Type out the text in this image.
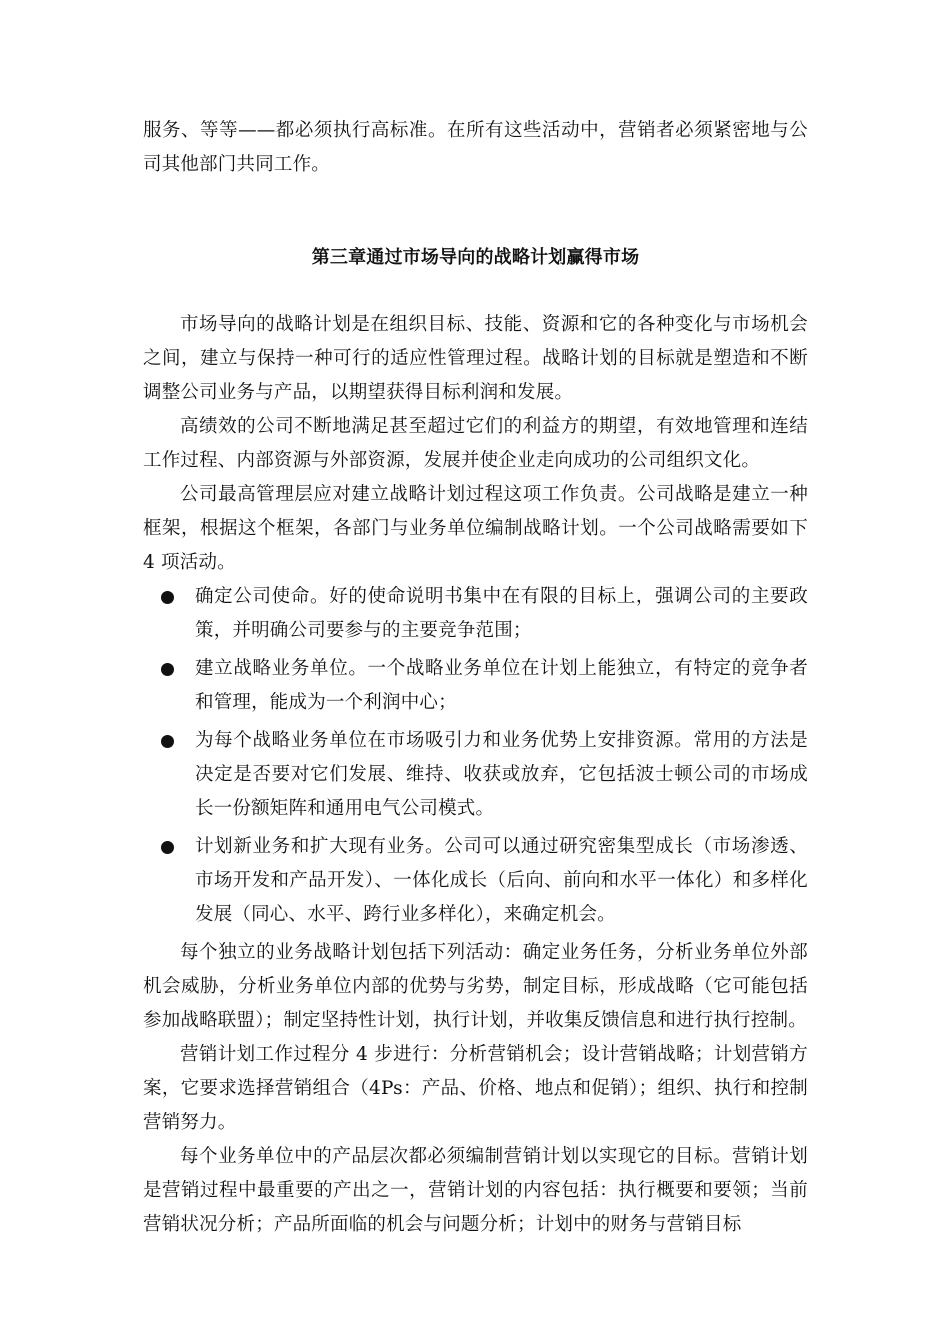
服务、等等——都必须执行高标准。在所有这些活动中，营销者必须紧密地与公司其他部门共同工作。

第三章通过市场导向的战略计划赢得市场

市场导向的战略计划是在组织目标、技能、资源和它的各种变化与市场机会之间，建立与保持一种可行的适应性管理过程。战略计划的目标就是塑造和不断调整公司业务与产品，以期望获得目标利润和发展。

高绩效的公司不断地满足甚至超过它们的利益方的期望，有效地管理和连结工作过程、内部资源与外部资源，发展并使企业走向成功的公司组织文化。

公司最高管理层应对建立战略计划过程这项工作负责。公司战略是建立一种框架，根据这个框架，各部门与业务单位编制战略计划。一个公司战略需要如下 4 项活动。

确定公司使命。好的使命说明书集中在有限的目标上，强调公司的主要政策，并明确公司要参与的主要竞争范围；
建立战略业务单位。一个战略业务单位在计划上能独立，有特定的竞争者和管理，能成为一个利润中心；
为每个战略业务单位在市场吸引力和业务优势上安排资源。常用的方法是决定是否要对它们发展、维持、收获或放弃，它包括波士顿公司的市场成长一份额矩阵和通用电气公司模式。
计划新业务和扩大现有业务。公司可以通过研究密集型成长（市场渗透、市场开发和产品开发）、一体化成长（后向、前向和水平一体化）和多样化发展（同心、水平、跨行业多样化），来确定机会。

每个独立的业务战略计划包括下列活动：确定业务任务，分析业务单位外部机会威胁，分析业务单位内部的优势与劣势，制定目标，形成战略（它可能包括参加战略联盟）；制定坚持性计划，执行计划，并收集反馈信息和进行执行控制。

营销计划工作过程分 4 步进行：分析营销机会；设计营销战略；计划营销方案，它要求选择营销组合（4Ps：产品、价格、地点和促销）；组织、执行和控制营销努力。

每个业务单位中的产品层次都必须编制营销计划以实现它的目标。营销计划是营销过程中最重要的产出之一，营销计划的内容包括：执行概要和要领；当前营销状况分析；产品所面临的机会与问题分析；计划中的财务与营销目标
